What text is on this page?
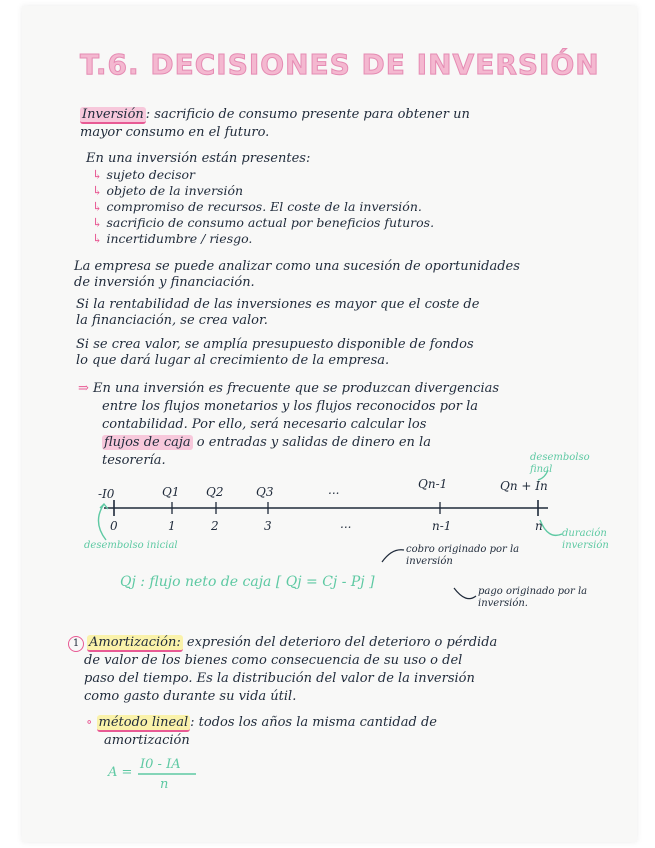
T.6. DECISIONES DE INVERSIÓN
Inversión : sacrificio de consumo presente para obtener un
mayor consumo en el futuro.
En una inversión están presentes:
↳ sujeto decisor
↳ objeto de la inversión
↳ compromiso de recursos. El coste de la inversión.
↳ sacrificio de consumo actual por beneficios futuros.
↳ incertidumbre / riesgo.
La empresa se puede analizar como una sucesión de oportunidades
de inversión y financiación.
Si la rentabilidad de las inversiones es mayor que el coste de
la financiación, se crea valor.
Si se crea valor, se amplía presupuesto disponible de fondos
lo que dará lugar al crecimiento de la empresa.
⇒ En una inversión es frecuente que se produzcan divergencias
entre los flujos monetarios y los flujos reconocidos por la
contabilidad. Por ello, será necesario calcular los
flujos de caja o entradas y salidas de dinero en la
tesorería.
-I0	Q1 Q2	Q3	...	Qn-1	Qn + In
0	1	2	3	...	n-1	n
desembolso final
desembolso inicial
duración inversión
cobro originado por la inversión
Qj : flujo neto de caja [ Qj = Cj - Pj ]
pago originado por la inversión.
1 Amortización: expresión del deterioro del deterioro o pérdida
de valor de los bienes como consecuencia de su uso o del
paso del tiempo. Es la distribución del valor de la inversión
como gasto durante su vida útil.
∘ método lineal : todos los años la misma cantidad de
amortización
A =
I0 - IA
n
